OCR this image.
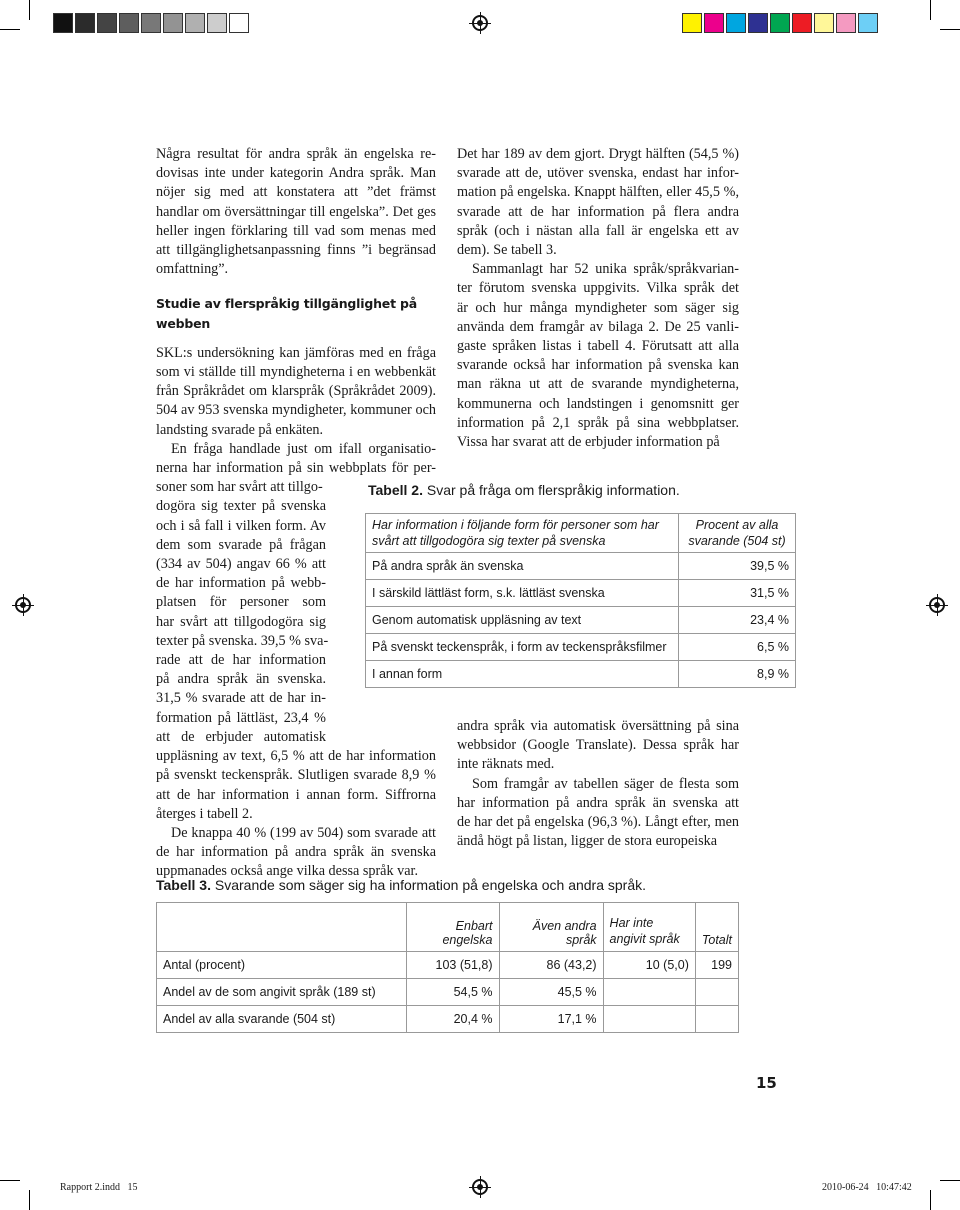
Några resultat för andra språk än engelska re-
dovisas inte under kategorin Andra språk. Man
nöjer sig med att konstatera att ”det främst
handlar om översättningar till engelska”. Det ges
heller ingen förklaring till vad som menas med
att tillgänglighetsanpassning finns ”i begränsad
omfattning”.

Studie av flerspråkig tillgänglighet på webben

SKL:s undersökning kan jämföras med en fråga
som vi ställde till myndigheterna i en webbenkät
från Språkrådet om klarspråk (Språkrådet 2009).
504 av 953 svenska myndigheter, kommuner och
landsting svarade på enkäten.

En fråga handlade just om ifall organisatio-
nerna har information på sin webbplats för per-
soner som har svårt att tillgo-
dogöra sig texter på svenska
och i så fall i vilken form. Av
dem som svarade på frågan
(334 av 504) angav 66 % att
de har information på webb-
platsen för personer som
har svårt att tillgodogöra sig
texter på svenska. 39,5 % sva-
rade att de har information
på andra språk än svenska.
31,5 % svarade att de har in-
formation på lättläst, 23,4 %
att de erbjuder automatisk
uppläsning av text, 6,5 % att de har information
på svenskt teckenspråk. Slutligen svarade 8,9 %
att de har information i annan form. Siffrorna
återges i tabell 2.

De knappa 40 % (199 av 504) som svarade att
de har information på andra språk än svenska
uppmanades också ange vilka dessa språk var.

Det har 189 av dem gjort. Drygt hälften (54,5 %)
svarade att de, utöver svenska, endast har infor-
mation på engelska. Knappt hälften, eller 45,5 %,
svarade att de har information på flera andra
språk (och i nästan alla fall är engelska ett av
dem). Se tabell 3.

Sammanlagt har 52 unika språk/språkvarian-
ter förutom svenska uppgivits. Vilka språk det
är och hur många myndigheter som säger sig
använda dem framgår av bilaga 2. De 25 vanli-
gaste språken listas i tabell 4. Förutsatt att alla
svarande också har information på svenska kan
man räkna ut att de svarande myndigheterna,
kommunerna och landstingen i genomsnitt ger
information på 2,1 språk på sina webbplatser.
Vissa har svarat att de erbjuder information på

Tabell 2. Svar på fråga om flerspråkig information.
Har information i följande form för personer som har
svårt att tillgodogöra sig texter på svenska	Procent av alla
svarande (504 st)
På andra språk än svenska	39,5 %
I särskild lättläst form, s.k. lättläst svenska	31,5 %
Genom automatisk uppläsning av text	23,4 %
På svenskt teckenspråk, i form av teckenspråksfilmer	6,5 %
I annan form	8,9 %

andra språk via automatisk översättning på sina
webbsidor (Google Translate). Dessa språk har
inte räknats med.

Som framgår av tabellen säger de flesta som
har information på andra språk än svenska att
de har det på engelska (96,3 %). Långt efter, men
ändå högt på listan, ligger de stora europeiska

Tabell 3. Svarande som säger sig ha information på engelska och andra språk.
	Enbart engelska	Även andra språk	Har inte
angivit språk	Totalt
Antal (procent)	103 (51,8)	86 (43,2)	10 (5,0)	199
Andel av de som angivit språk (189 st)	54,5 %	45,5 %		
Andel av alla svarande (504 st)	20,4 %	17,1 %		
15
Rapport 2.indd   15	2010-06-24   10:47:42
